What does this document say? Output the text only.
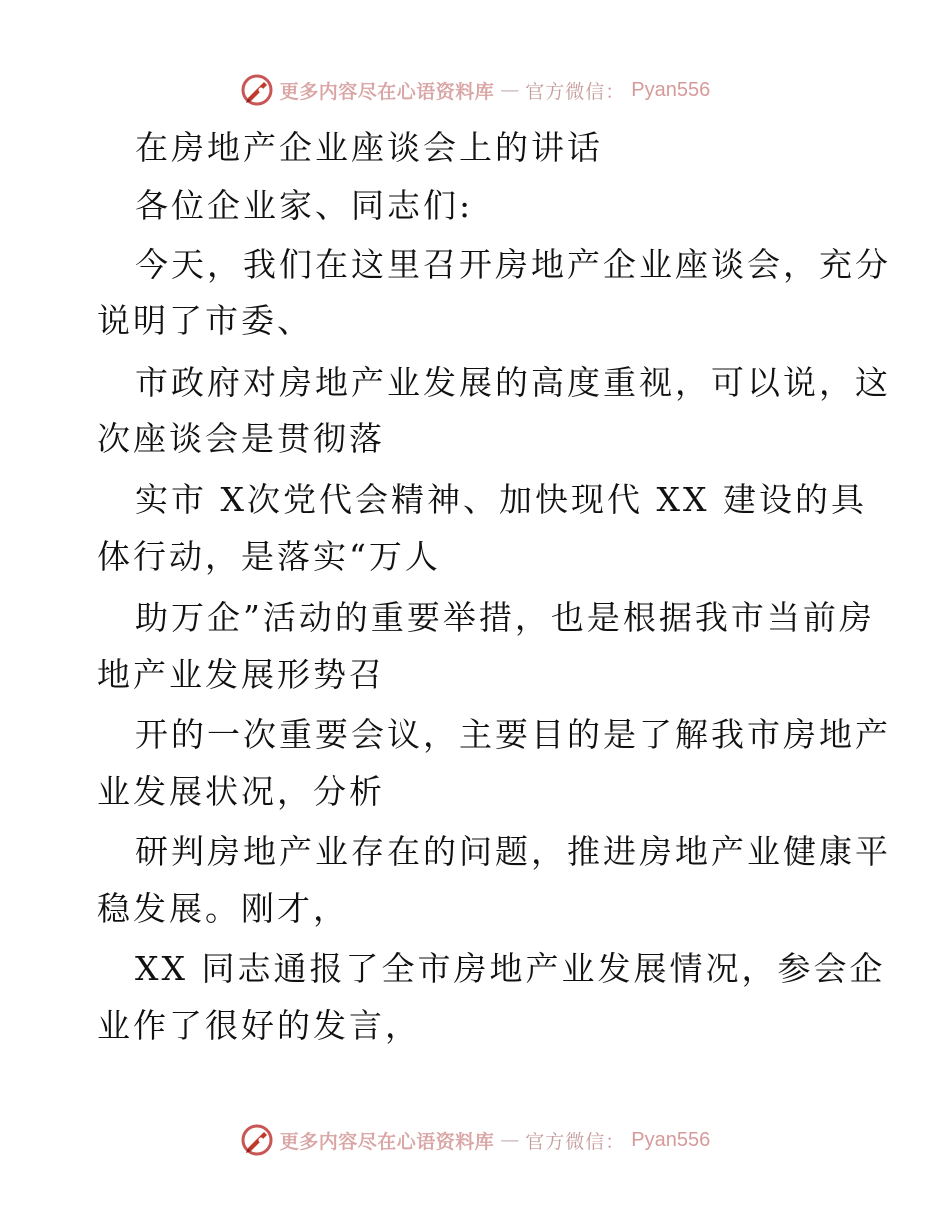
更多内容尽在心语资料库 — 官方微信： Pyan556
在房地产企业座谈会上的讲话
各位企业家、同志们:
今天，我们在这里召开房地产企业座谈会，充分
说明了市委、
市政府对房地产业发展的高度重视，可以说，这
次座谈会是贯彻落
实市 X次党代会精神、加快现代 XX 建设的具
体行动，是落实“万人
助万企”活动的重要举措，也是根据我市当前房
地产业发展形势召
开的一次重要会议，主要目的是了解我市房地产
业发展状况，分析
研判房地产业存在的问题，推进房地产业健康平
稳发展。刚才，
XX 同志通报了全市房地产业发展情况，参会企
业作了很好的发言，
更多内容尽在心语资料库 — 官方微信： Pyan556
